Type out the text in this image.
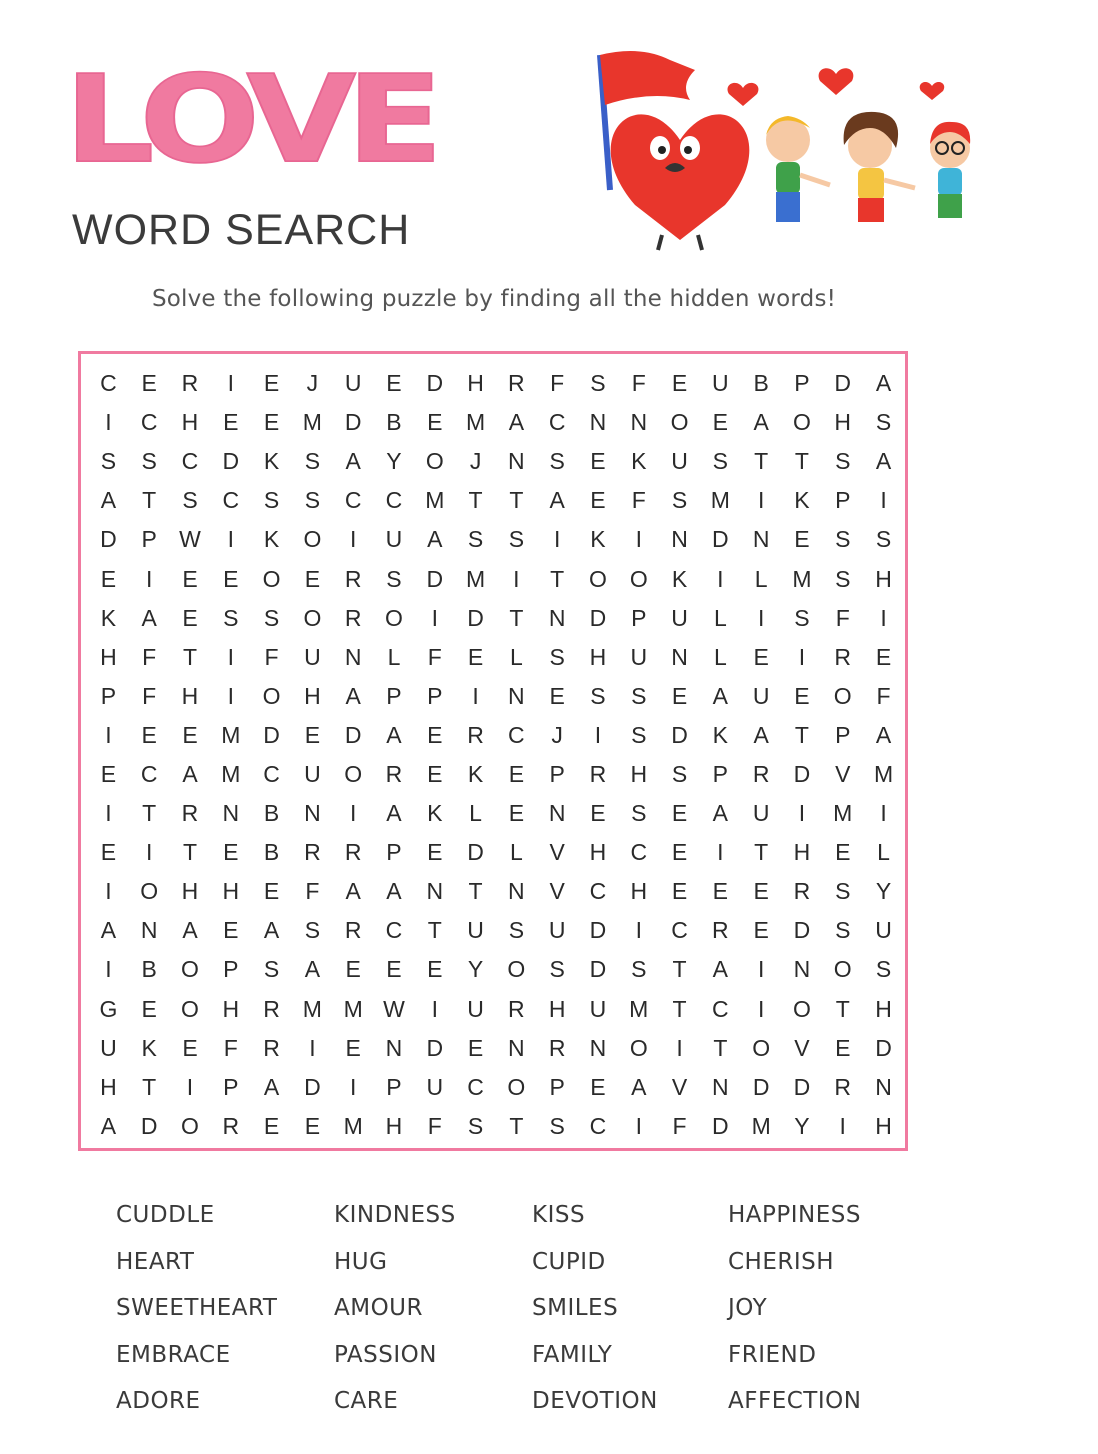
LOVE
WORD SEARCH
Solve the following puzzle by finding all the hidden words!
C	E	R	I	E	J	U	E	D	H	R	F	S	F	E	U	B	P	D	A
I	C	H	E	E	M D	B	E	M	A	C	N	N	O	E	A	O	H	S
S	S	C	D	K	S	A	Y	O	J	N	S	E	K	U	S	T	T	S	A
A	T	S	C	S	S	C	C M	T	T	A	E	F	S	M	I	K	P	I
D	P W	I	K	O	I	U	A	S	S	I	K	I	N	D	N	E	S	S
E	I	E	E	O	E	R	S	D M	I	T	O O	K	I	L	M	S	H
K	A	E	S	S	O	R	O	I	D	T	N	D	P	U	L	I	S	F	I
H	F	T	I	F	U	N	L	F	E	L	S	H	U	N	L	E	I	R	E
P	F	H	I	O	H	A	P	P	I	N	E	S	S	E	A	U	E	O	F
I	E	E	M D	E	D	A	E	R	C	J	I	S	D	K	A	T	P	A
E	C	A	M C	U	O	R	E	K	E	P	R	H	S	P	R	D	V	M
I	T	R	N	B	N	I	A	K	L	E	N	E	S	E	A	U	I	M	I
E	I	T	E	B	R	R	P	E	D	L	V	H	C	E	I	T	H	E	L
I	O	H	H	E	F	A	A	N	T	N	V	C	H	E	E	E	R	S	Y
A	N	A	E	A	S	R	C	T	U	S	U	D	I	C	R	E	D	S	U
I	B	O	P	S	A	E	E	E	Y	O	S	D	S	T	A	I	N	O	S
G	E	O	H	R M M W	I	U	R	H	U M	T	C	I	O	T	H
U	K	E	F	R	I	E	N	D	E	N	R	N	O	I	T	O	V	E	D
H	T	I	P	A	D	I	P	U	C	O	P	E	A	V	N	D	D	R	N
A	D	O	R	E	E	M H	F	S	T	S	C	I	F	D M	Y	I	H
CUDDLE	KINDNESS	KISS	HAPPINESS
HEART	HUG	CUPID	CHERISH
SWEETHEART	AMOUR	SMILES	JOY
EMBRACE	PASSION	FAMILY	FRIEND
ADORE	CARE	DEVOTION	AFFECTION
